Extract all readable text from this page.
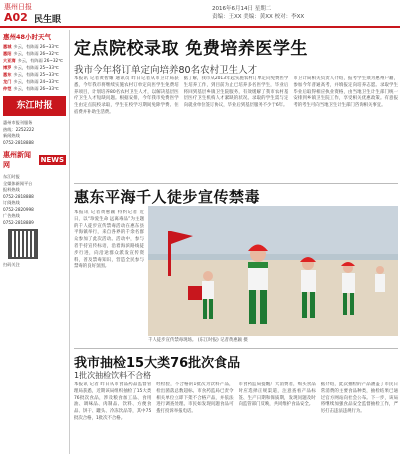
惠州日报
A02 民生眼
2016年6月14日 星期二
责编：王XX 美编：黄XX 校对：李XX
惠州48小时天气
惠城 多云，有阵雨 26~33℃
惠阳 多云，有阵雨 26~32℃
大亚湾 多云，有阵雨 26~32℃
博罗 多云，有阵雨 25~33℃
惠东 多云，有阵雨 25~33℃
龙门 多云，有阵雨 24~33℃
仲恺 多云，有阵雨 26~33℃
东江时报
惠州市报刊服务
热线：2252222
新闻热线
0752-2818888
惠州新闻网
NEWS
东江时报
全媒体新闻平台
报料热线
0752-2818888
订阅热线
0752-2820998
广告热线
0752-2818889
扫码关注
定点院校录取 免费培养医学生
我市今年将订单定向培养80名农村卫生人才
本报讯 记者黄智耀 通讯员 昨日记者从市卫计局获悉，今年我市将继续实施农村订单定向医学生免费培养项目，计划培养80名农村卫生人才，以解决基层医疗卫生人才短缺问题。根据安排，今年我市免费医学生由定点院校录取，学生在校学习期间免除学费、住宿费并补助生活费。
据了解，我市从2013年起实施农村订单定向免费医学生培养工作，到目前为止已培养多名医学生，毕业后将回到基层乡镇卫生院服务，有效缓解了我市农村基层医疗卫生机构人才紧缺的状况。录取的学生需与定向就业单位签订协议，毕业后到基层服务不少于6年。
市卫计局相关负责人介绍，报考学生须为惠州户籍，参加今年普通高考，并填报定向培养志愿。录取学生毕业后取得相应执业资格，由当地卫生计生部门统一安排到乡镇卫生院工作，享受相关优惠政策。有意报考的考生可向当地卫生计生部门咨询相关事宜。
惠东平海千人徒步宣传禁毒
本报讯 记者黄惠颖 特约记者 近日，以“珍爱生命 远离毒品”为主题的千人徒步宣传禁毒活动在惠东县平海镇举行，来自各界的千余名群众参加了此次活动。活动中，参与者手持宣传标语，沿着海滨路线徒步行进，向沿途群众派发宣传资料，普及禁毒知识，营造全民参与禁毒的良好氛围。
千人徒步宣传禁毒现场。 (东江时报) 记者黄惠颖 摄
我市抽检15大类76批次食品
1批次抽检饮料不合格
本报讯 记者 昨日从市食品药品监督管理局获悉，近期该局组织抽检了15大类76批次食品，涉及粮食加工品、食用油、调味品、肉制品、饮料、方便食品、饼干、罐头、冷冻饮品等，其中75批次合格，1批次不合格。
经检验，不合格的1批次为饮料产品，检出菌落总数超标。市食药监局已责令相关单位立即下架不合格产品，并依法进行调查处理。市民如发现问题食品可拨打投诉举报电话。
市食药监局提醒广大消费者，购买食品时应选择正规渠道，注意查看产品标签、生产日期和保质期，发现问题及时向监管部门反映，共同维护食品安全。
据介绍，此次抽检的产品涵盖了市民日常消费的主要食品种类，抽检结果已通过官方网站向社会公布。下一步，该局将继续加强食品安全监督抽检工作，严厉打击违法违规行为。
